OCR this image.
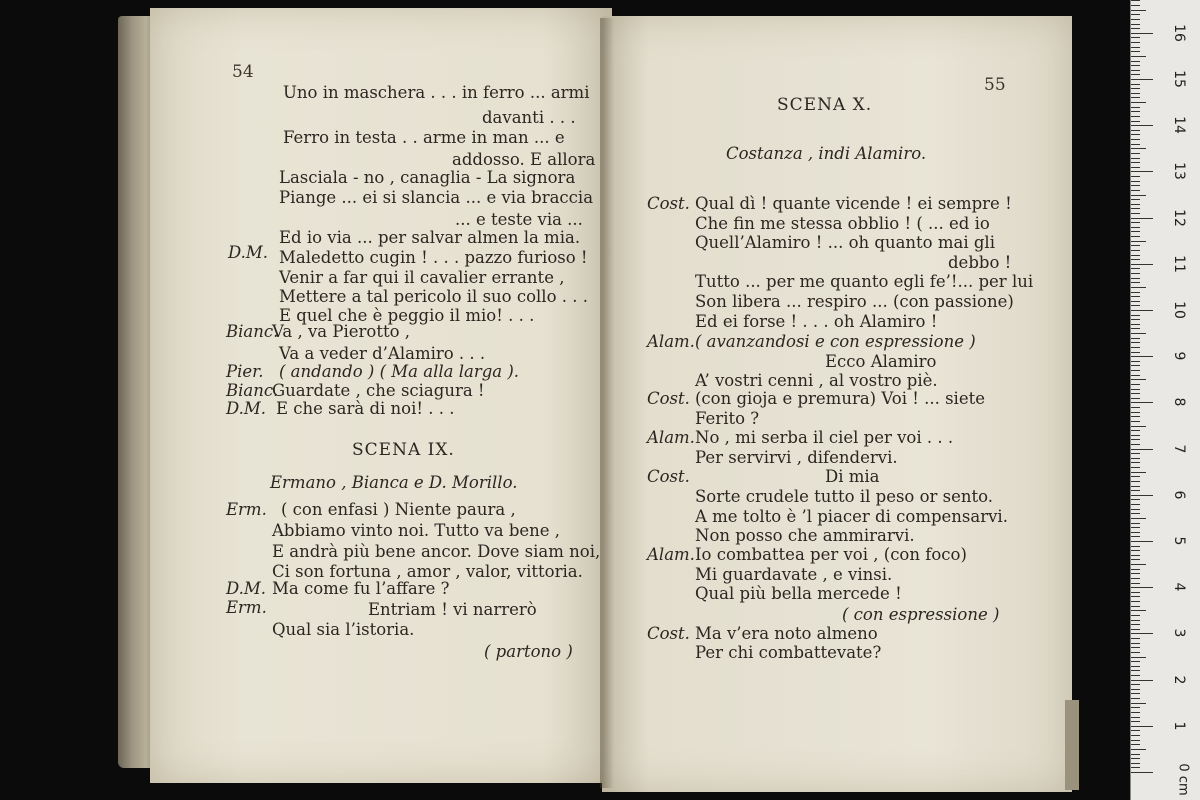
54
Uno in maschera . . . in ferro ... armi
davanti . . .
Ferro in testa . . arme in man ... e
addosso. E allora
Lasciala - no , canaglia - La signora
Piange ... ei si slancia ... e via braccia
... e teste via ...
Ed io via ... per salvar almen la mia.
D.M. Maledetto cugin ! . . . pazzo furioso !
Venir a far qui il cavalier errante ,
Mettere a tal pericolo il suo collo . . .
E quel che è peggio il mio! . . .
Bianc.
Va , va Pierotto ,
Va a veder d’Alamiro . . .
Pier. ( andando ) ( Ma alla larga ).
Bianc.
Guardate , che sciagura !
D.M. E che sarà di noi! . . .
SCENA IX.
Ermano , Bianca e D. Morillo.
Erm. ( con enfasi ) Niente paura ,
Abbiamo vinto noi. Tutto va bene ,
E andrà più bene ancor. Dove siam noi,
Ci son fortuna , amor , valor, vittoria.
D.M. Ma come fu l’affare ?
Erm.	Entriam ! vi narrerò
Qual sia l’istoria.
( partono )
55
SCENA X.
Costanza , indi Alamiro.
Cost. Qual dì ! quante vicende ! ei sempre !
Che fin me stessa obblio ! ( ... ed io
Quell’Alamiro ! ... oh quanto mai gli
debbo !
Tutto ... per me quanto egli fe’!... per lui
Son libera ... respiro ... (con passione)
Ed ei forse ! . . . oh Alamiro !
Alam. ( avanzandosi e con espressione )
Ecco Alamiro
A’ vostri cenni , al vostro piè.
Cost. (con gioja e premura) Voi ! ... siete
Ferito ?
Alam. No , mi serba il ciel per voi . . .
Per servirvi , difendervi.
Cost.	Di mia
Sorte crudele tutto il peso or sento.
A me tolto è ’l piacer di compensarvi.
Non posso che ammirarvi.
Alam. Io combattea per voi , (con foco)
Mi guardavate , e vinsi.
Qual più bella mercede !
( con espressione )
Cost. Ma v’era noto almeno
Per chi combattevate?
1
2
3
4
5
6
7
8
9
10
11
12
13
14
15
16
0 cm
